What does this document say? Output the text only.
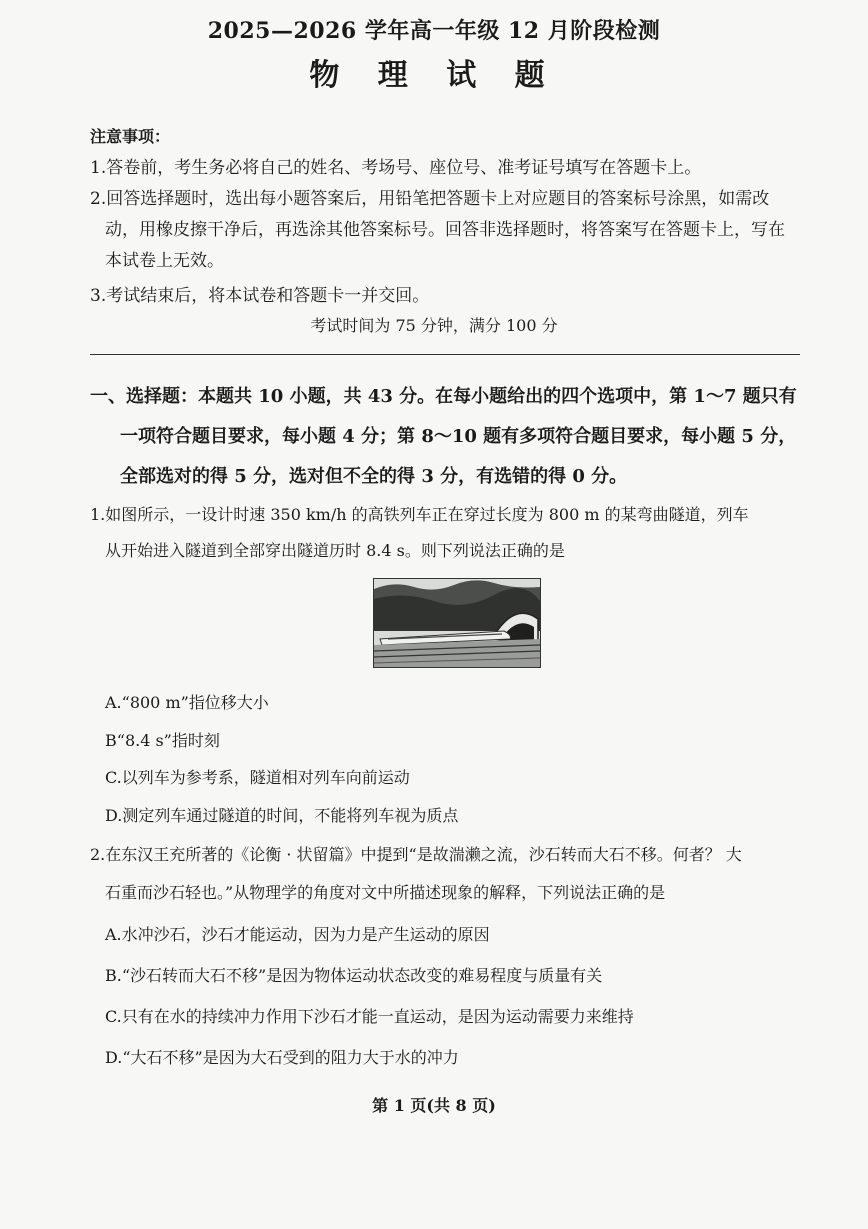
2025—2026 学年高一年级 12 月阶段检测
物 理 试 题
注意事项：
1.答卷前，考生务必将自己的姓名、考场号、座位号、准考证号填写在答题卡上。
2.回答选择题时，选出每小题答案后，用铅笔把答题卡上对应题目的答案标号涂黑，如需改
动，用橡皮擦干净后，再选涂其他答案标号。回答非选择题时，将答案写在答题卡上，写在
本试卷上无效。
3.考试结束后，将本试卷和答题卡一并交回。
考试时间为 75 分钟，满分 100 分
一、选择题：本题共 10 小题，共 43 分。在每小题给出的四个选项中，第 1～7 题只有
一项符合题目要求，每小题 4 分；第 8～10 题有多项符合题目要求，每小题 5 分，
全部选对的得 5 分，选对但不全的得 3 分，有选错的得 0 分。
1.如图所示，一设计时速 350 km/h 的高铁列车正在穿过长度为 800 m 的某弯曲隧道，列车
从开始进入隧道到全部穿出隧道历时 8.4 s。则下列说法正确的是
A.“800 m”指位移大小
B“8.4 s”指时刻
C.以列车为参考系，隧道相对列车向前运动
D.测定列车通过隧道的时间，不能将列车视为质点
2.在东汉王充所著的《论衡 · 状留篇》中提到“是故湍濑之流，沙石转而大石不移。何者？ 大
石重而沙石轻也。”从物理学的角度对文中所描述现象的解释，下列说法正确的是
A.水冲沙石，沙石才能运动，因为力是产生运动的原因
B.“沙石转而大石不移”是因为物体运动状态改变的难易程度与质量有关
C.只有在水的持续冲力作用下沙石才能一直运动，是因为运动需要力来维持
D.“大石不移”是因为大石受到的阻力大于水的冲力
第 1 页(共 8 页)
